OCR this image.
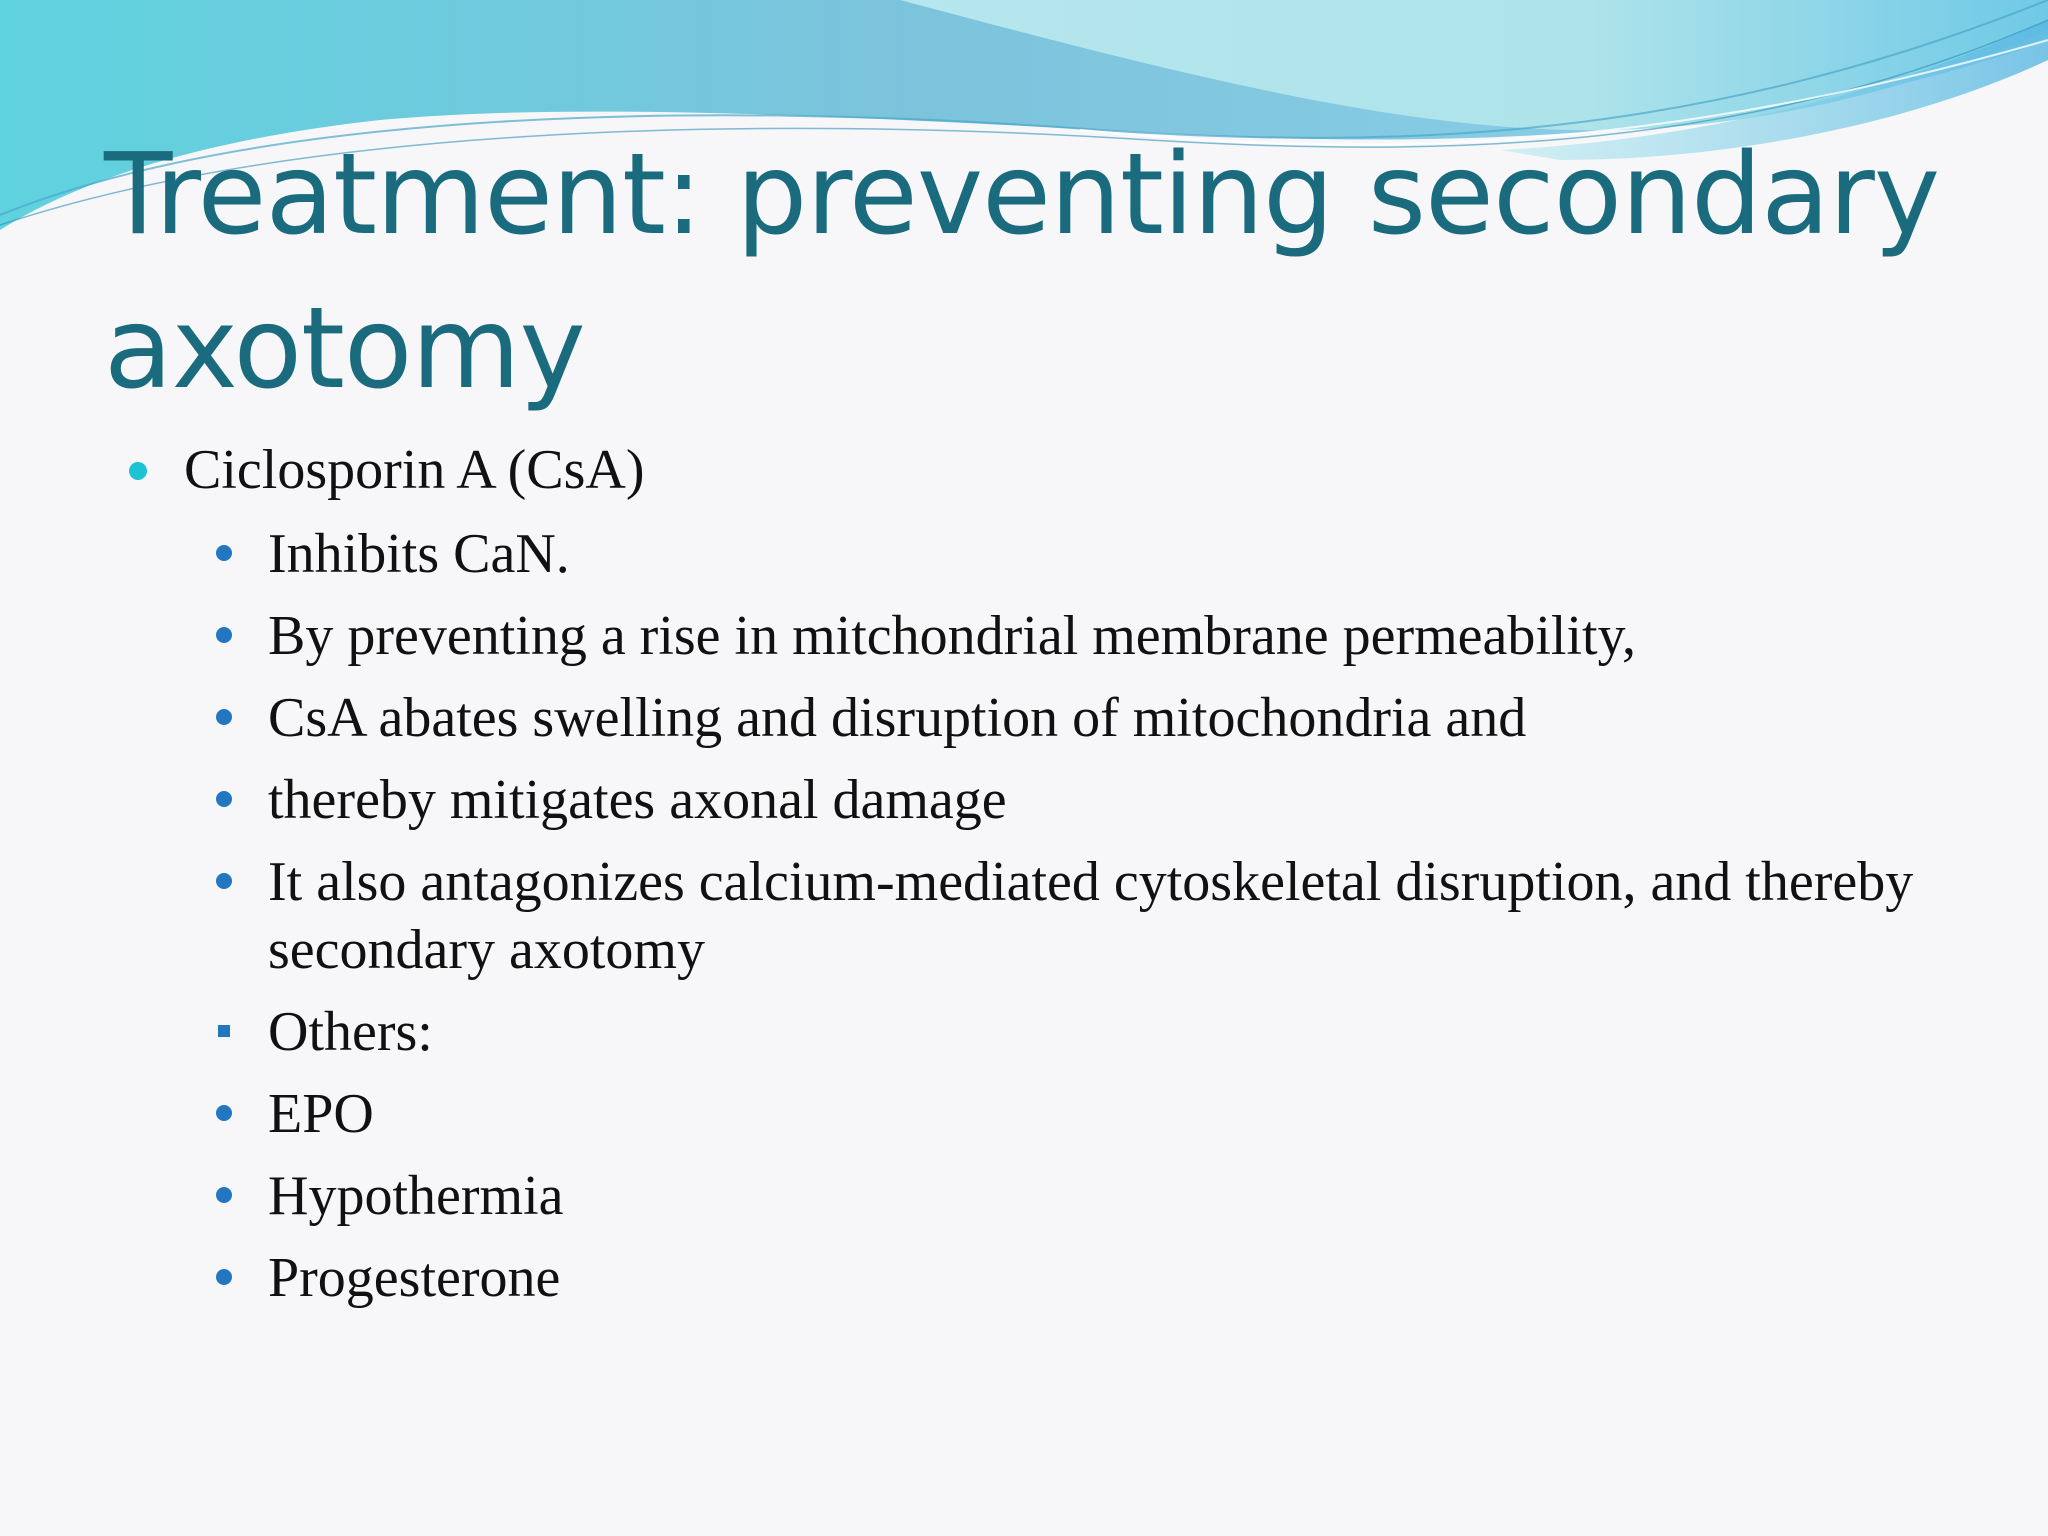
Treatment: preventing secondary axotomy
Ciclosporin A (CsA)
Inhibits CaN.
By preventing a rise in mitchondrial membrane permeability,
CsA abates swelling and disruption of mitochondria and
thereby mitigates axonal damage
It also antagonizes calcium-mediated cytoskeletal disruption, and thereby secondary axotomy
Others:
EPO
Hypothermia
Progesterone
